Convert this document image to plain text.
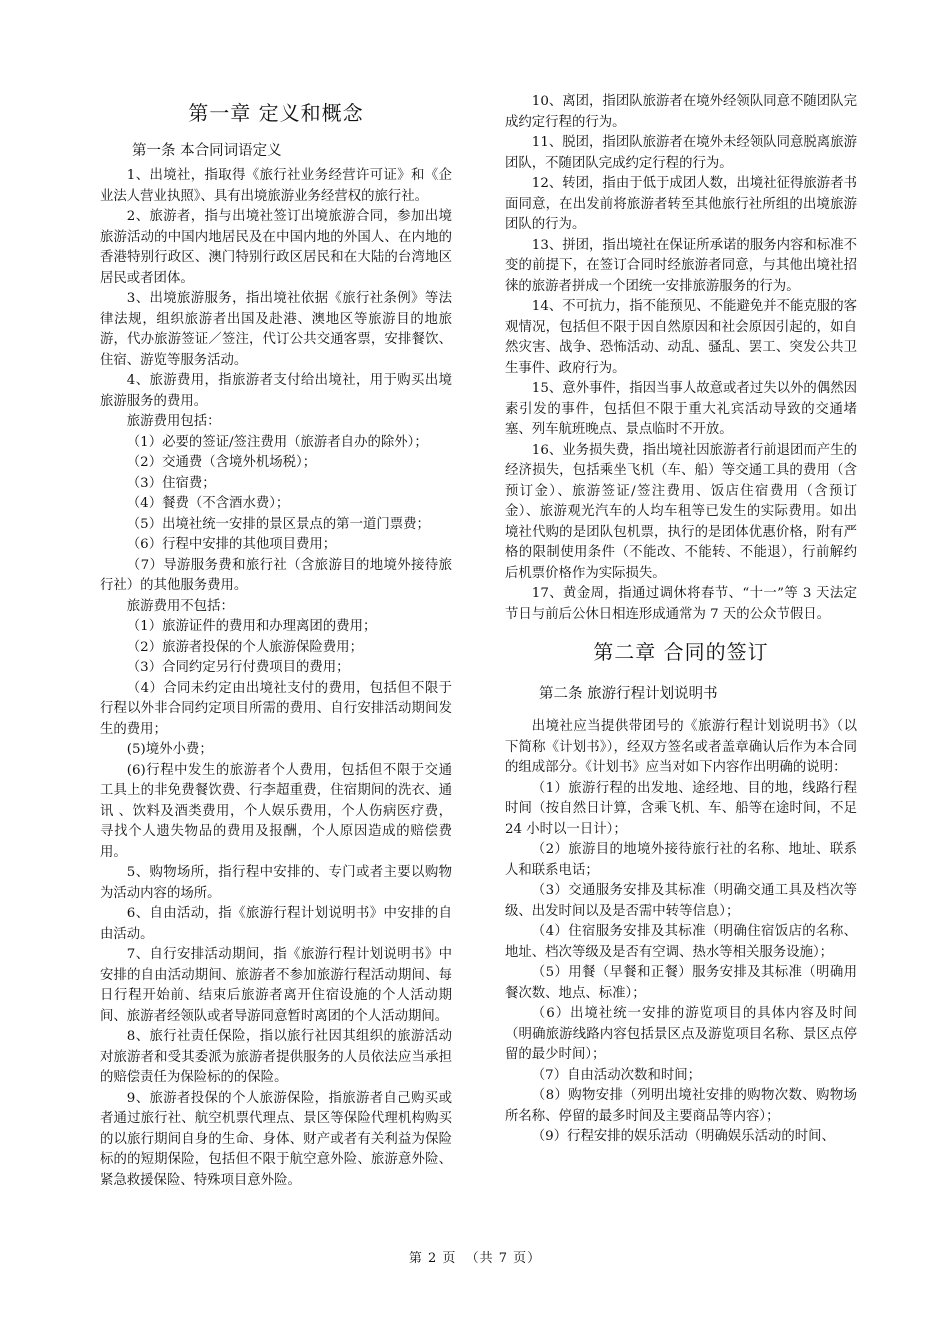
第一章 定义和概念
第一条 本合同词语定义

1、出境社，指取得《旅行社业务经营许可证》和《企业法人营业执照》、具有出境旅游业务经营权的旅行社。

2、旅游者，指与出境社签订出境旅游合同，参加出境旅游活动的中国内地居民及在中国内地的外国人、在内地的香港特别行政区、澳门特别行政区居民和在大陆的台湾地区居民或者团体。

3、出境旅游服务，指出境社依据《旅行社条例》等法律法规，组织旅游者出国及赴港、澳地区等旅游目的地旅游，代办旅游签证／签注，代订公共交通客票，安排餐饮、住宿、游览等服务活动。

4、旅游费用，指旅游者支付给出境社，用于购买出境旅游服务的费用。

旅游费用包括：

（1）必要的签证/签注费用（旅游者自办的除外）；

（2）交通费（含境外机场税）；

（3）住宿费；

（4）餐费（不含酒水费）；

（5）出境社统一安排的景区景点的第一道门票费；

（6）行程中安排的其他项目费用；

（7）导游服务费和旅行社（含旅游目的地境外接待旅行社）的其他服务费用。

旅游费用不包括：

（1）旅游证件的费用和办理离团的费用；

（2）旅游者投保的个人旅游保险费用；

（3）合同约定另行付费项目的费用；

（4）合同未约定由出境社支付的费用，包括但不限于行程以外非合同约定项目所需的费用、自行安排活动期间发生的费用；

(5)境外小费；

(6)行程中发生的旅游者个人费用，包括但不限于交通工具上的非免费餐饮费、行李超重费，住宿期间的洗衣、通讯 、饮料及酒类费用，个人娱乐费用，个人伤病医疗费，寻找个人遗失物品的费用及报酬，个人原因造成的赔偿费用。

5、购物场所，指行程中安排的、专门或者主要以购物为活动内容的场所。

6、自由活动，指《旅游行程计划说明书》中安排的自由活动。

7、自行安排活动期间，指《旅游行程计划说明书》中安排的自由活动期间、旅游者不参加旅游行程活动期间、每日行程开始前、结束后旅游者离开住宿设施的个人活动期间、旅游者经领队或者导游同意暂时离团的个人活动期间。

8、旅行社责任保险，指以旅行社因其组织的旅游活动对旅游者和受其委派为旅游者提供服务的人员依法应当承担的赔偿责任为保险标的的保险。

9、旅游者投保的个人旅游保险，指旅游者自己购买或者通过旅行社、航空机票代理点、景区等保险代理机构购买的以旅行期间自身的生命、身体、财产或者有关利益为保险标的的短期保险，包括但不限于航空意外险、旅游意外险、紧急救援保险、特殊项目意外险。

10、离团，指团队旅游者在境外经领队同意不随团队完成约定行程的行为。

11、脱团，指团队旅游者在境外未经领队同意脱离旅游团队，不随团队完成约定行程的行为。

12、转团，指由于低于成团人数，出境社征得旅游者书面同意，在出发前将旅游者转至其他旅行社所组的出境旅游团队的行为。

13、拼团，指出境社在保证所承诺的服务内容和标准不变的前提下，在签订合同时经旅游者同意，与其他出境社招徕的旅游者拼成一个团统一安排旅游服务的行为。

14、不可抗力，指不能预见、不能避免并不能克服的客观情况，包括但不限于因自然原因和社会原因引起的，如自然灾害、战争、恐怖活动、动乱、骚乱、罢工、突发公共卫生事件、政府行为。

15、意外事件，指因当事人故意或者过失以外的偶然因素引发的事件，包括但不限于重大礼宾活动导致的交通堵塞、列车航班晚点、景点临时不开放。

16、业务损失费，指出境社因旅游者行前退团而产生的经济损失，包括乘坐飞机（车、船）等交通工具的费用（含预订金）、旅游签证/签注费用、饭店住宿费用（含预订金）、旅游观光汽车的人均车租等已发生的实际费用。如出境社代购的是团队包机票，执行的是团体优惠价格，附有严格的限制使用条件（不能改、不能转、不能退），行前解约后机票价格作为实际损失。

17、黄金周，指通过调休将春节、“十一”等 3 天法定节日与前后公休日相连形成通常为 7 天的公众节假日。

第二章 合同的签订
第二条 旅游行程计划说明书

出境社应当提供带团号的《旅游行程计划说明书》（以下简称《计划书》），经双方签名或者盖章确认后作为本合同的组成部分。《计划书》应当对如下内容作出明确的说明：

（1）旅游行程的出发地、途经地、目的地，线路行程时间（按自然日计算，含乘飞机、车、船等在途时间，不足 24 小时以一日计）；

（2）旅游目的地境外接待旅行社的名称、地址、联系人和联系电话；

（3）交通服务安排及其标准（明确交通工具及档次等级、出发时间以及是否需中转等信息）；

（4）住宿服务安排及其标准（明确住宿饭店的名称、地址、档次等级及是否有空调、热水等相关服务设施）；

（5）用餐（早餐和正餐）服务安排及其标准（明确用餐次数、地点、标准）；

（6）出境社统一安排的游览项目的具体内容及时间（明确旅游线路内容包括景区点及游览项目名称、景区点停留的最少时间）；

（7）自由活动次数和时间；

（8）购物安排（列明出境社安排的购物次数、购物场所名称、停留的最多时间及主要商品等内容）；

（9）行程安排的娱乐活动（明确娱乐活动的时间、

第 2 页 （共 7 页）
